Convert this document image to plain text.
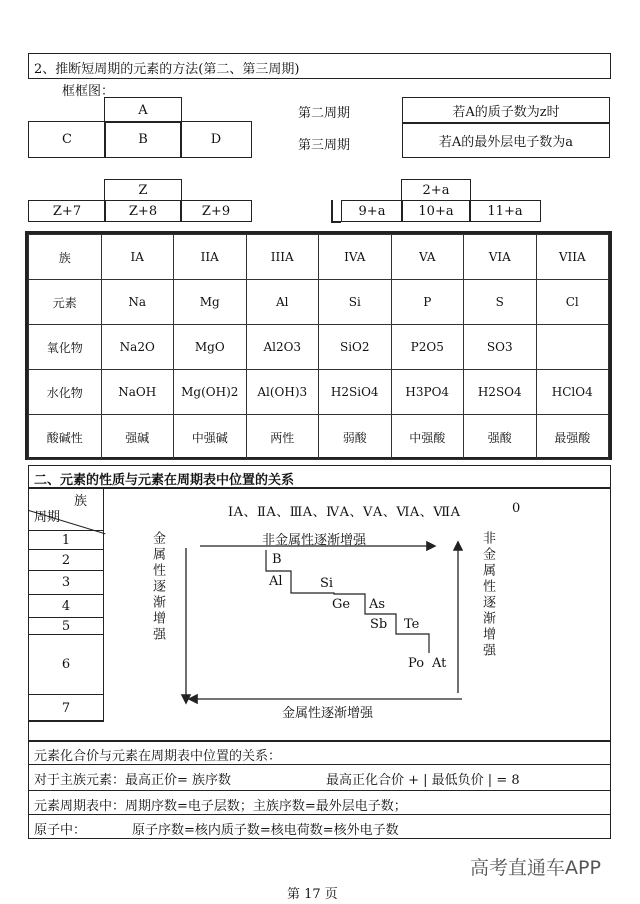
2、推断短周期的元素的方法(第二、第三周期)
框框图：
A
C	B	D
第二周期
第三周期
若A的质子数为z时
若A的最外层电子数为a
Z
Z+7	Z+8	Z+9
2+a
9+a	10+a	11+a
族	IA	IIA	IIIA	IVA	VA	VIA	VIIA
元素	Na	Mg	Al	Si	P	S	Cl
氧化物	Na2O	MgO	Al2O3	SiO2	P2O5	SO3	
水化物	NaOH	Mg(OH)2	Al(OH)3	H2SiO4	H3PO4	H2SO4	HClO4
酸碱性	强碱	中强碱	两性	弱酸	中强酸	强酸	最强酸
二、元素的性质与元素在周期表中位置的关系
族
周期
1
2
3
4
5
6
7
ⅠA、ⅡA、ⅢA、ⅣA、ⅤA、ⅥA、ⅦA	0
金属性逐渐增强	非金属性逐渐增强
非金属性逐渐增强
金属性逐渐增强
B
Al	Si
Ge As
Sb Te
Po At
元素化合价与元素在周期表中位置的关系：
对于主族元素：最高正价= 族序数	最高正化合价 + | 最低负价 | = 8
元素周期表中：周期序数=电子层数；主族序数=最外层电子数；
原子中：	原子序数=核内质子数=核电荷数=核外电子数
高考直通车APP
第 17 页
